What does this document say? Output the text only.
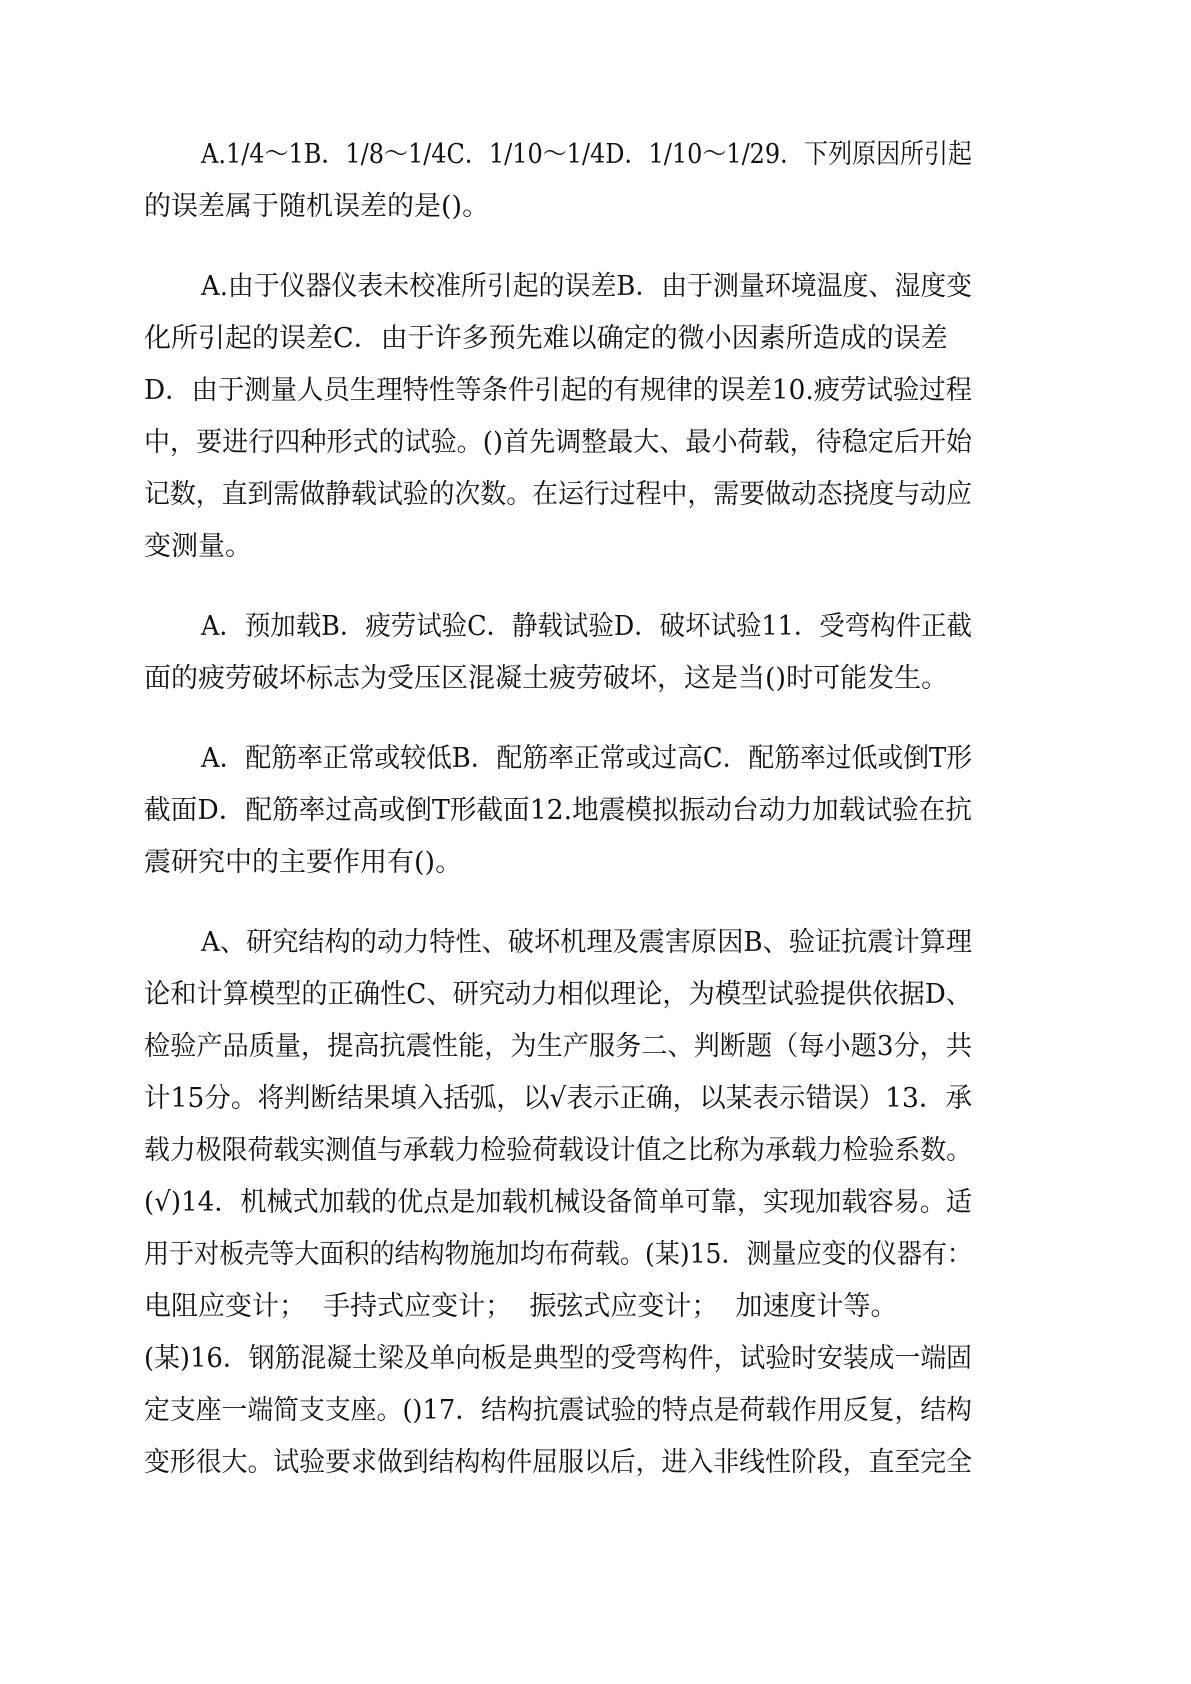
A.1/4～1B．1/8～1/4C．1/10～1/4D．1/10～1/29．下列原因所引起
的误差属于随机误差的是()。
A.由于仪器仪表未校准所引起的误差B．由于测量环境温度、湿度变
化所引起的误差C．由于许多预先难以确定的微小因素所造成的误差
D．由于测量人员生理特性等条件引起的有规律的误差10.疲劳试验过程
中，要进行四种形式的试验。()首先调整最大、最小荷载，待稳定后开始
记数，直到需做静载试验的次数。在运行过程中，需要做动态挠度与动应
变测量。
A．预加载B．疲劳试验C．静载试验D．破坏试验11．受弯构件正截
面的疲劳破坏标志为受压区混凝土疲劳破坏，这是当()时可能发生。
A．配筋率正常或较低B．配筋率正常或过高C．配筋率过低或倒T形
截面D．配筋率过高或倒T形截面12.地震模拟振动台动力加载试验在抗
震研究中的主要作用有()。
A、研究结构的动力特性、破坏机理及震害原因B、验证抗震计算理
论和计算模型的正确性C、研究动力相似理论，为模型试验提供依据D、
检验产品质量，提高抗震性能，为生产服务二、判断题（每小题3分，共
计15分。将判断结果填入括弧，以√表示正确，以某表示错误）13．承
载力极限荷载实测值与承载力检验荷载设计值之比称为承载力检验系数。
(√)14．机械式加载的优点是加载机械设备简单可靠，实现加载容易。适
用于对板壳等大面积的结构物施加均布荷载。(某)15．测量应变的仪器有：
电阻应变计；  手持式应变计；  振弦式应变计；  加速度计等。
(某)16．钢筋混凝土梁及单向板是典型的受弯构件，试验时安装成一端固
定支座一端简支支座。()17．结构抗震试验的特点是荷载作用反复，结构
变形很大。试验要求做到结构构件屈服以后，进入非线性阶段，直至完全
